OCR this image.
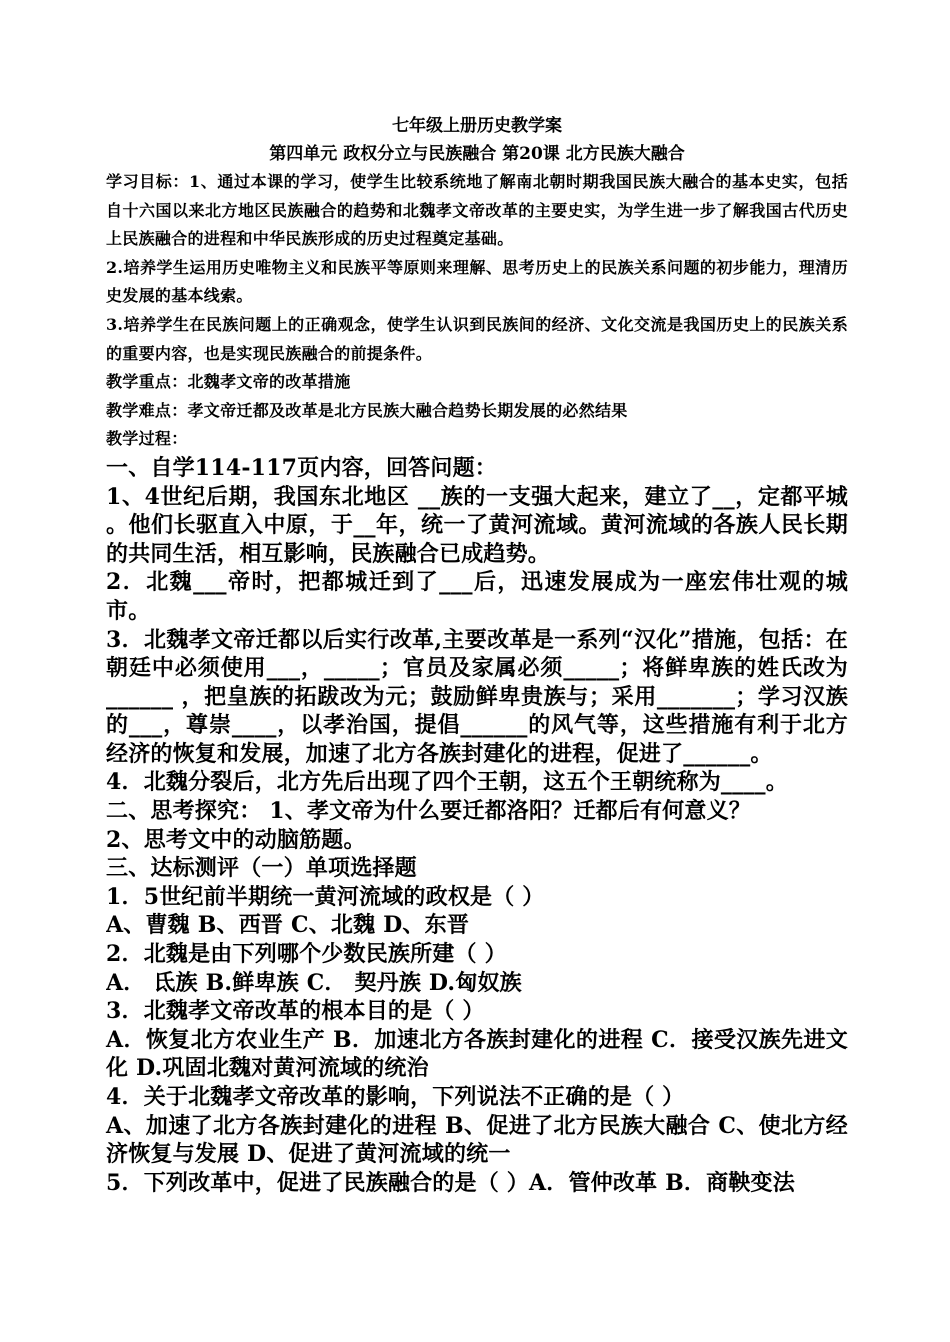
七年级上册历史教学案

第四单元 政权分立与民族融合 第20课 北方民族大融合

学习目标：1、通过本课的学习，使学生比较系统地了解南北朝时期我国民族大融合的基本史实，包括自十六国以来北方地区民族融合的趋势和北魏孝文帝改革的主要史实，为学生进一步了解我国古代历史上民族融合的进程和中华民族形成的历史过程奠定基础。

2.培养学生运用历史唯物主义和民族平等原则来理解、思考历史上的民族关系问题的初步能力，理清历史发展的基本线索。

3.培养学生在民族问题上的正确观念，使学生认识到民族间的经济、文化交流是我国历史上的民族关系的重要内容，也是实现民族融合的前提条件。

教学重点：北魏孝文帝的改革措施

教学难点：孝文帝迁都及改革是北方民族大融合趋势长期发展的必然结果

教学过程：

一、自学114-117页内容，回答问题：

1、4世纪后期，我国东北地区 __族的一支强大起来，建立了__，定都平城 。他们长驱直入中原，于__年，统一了黄河流域。黄河流域的各族人民长期的共同生活，相互影响，民族融合已成趋势。

2．北魏___帝时，把都城迁到了___后，迅速发展成为一座宏伟壮观的城市。

3．北魏孝文帝迁都以后实行改革,主要改革是一系列“汉化”措施，包括：在朝廷中必须使用___，_____；官员及家属必须_____；将鲜卑族的姓氏改为______ ，把皇族的拓跋改为元；鼓励鲜卑贵族与；采用_______；学习汉族的___，尊崇____，以孝治国，提倡______的风气等，这些措施有利于北方经济的恢复和发展，加速了北方各族封建化的进程，促进了______。

4．北魏分裂后，北方先后出现了四个王朝，这五个王朝统称为____。

二、思考探究： 1、孝文帝为什么要迁都洛阳？迁都后有何意义？

2、思考文中的动脑筋题。

三、达标测评（一）单项选择题

1．5世纪前半期统一黄河流域的政权是（ ）

A、曹魏 B、西晋 C、北魏 D、东晋

2．北魏是由下列哪个少数民族所建（ ）

A． 氐族 B.鲜卑族 C． 契丹族 D.匈奴族

3．北魏孝文帝改革的根本目的是（ ）

A．恢复北方农业生产 B．加速北方各族封建化的进程 C．接受汉族先进文化 D.巩固北魏对黄河流域的统治

4．关于北魏孝文帝改革的影响，下列说法不正确的是（ ）

A、加速了北方各族封建化的进程 B、促进了北方民族大融合 C、使北方经济恢复与发展 D、促进了黄河流域的统一

5．下列改革中，促进了民族融合的是（ ）A．管仲改革 B．商鞅变法
